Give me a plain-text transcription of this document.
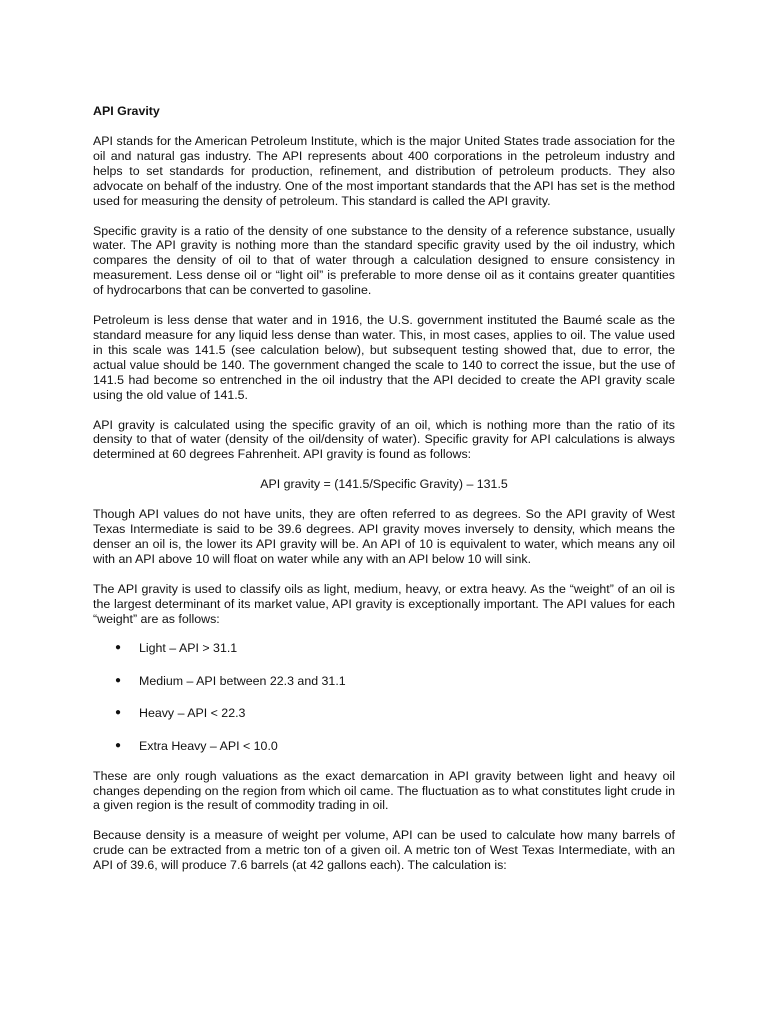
API Gravity

API stands for the American Petroleum Institute, which is the major United States trade association for the oil and natural gas industry. The API represents about 400 corporations in the petroleum industry and helps to set standards for production, refinement, and distribution of petroleum products. They also advocate on behalf of the industry. One of the most important standards that the API has set is the method used for measuring the density of petroleum. This standard is called the API gravity.

Specific gravity is a ratio of the density of one substance to the density of a reference substance, usually water. The API gravity is nothing more than the standard specific gravity used by the oil industry, which compares the density of oil to that of water through a calculation designed to ensure consistency in measurement. Less dense oil or “light oil” is preferable to more dense oil as it contains greater quantities of hydrocarbons that can be converted to gasoline.

Petroleum is less dense that water and in 1916, the U.S. government instituted the Baumé scale as the standard measure for any liquid less dense than water. This, in most cases, applies to oil. The value used in this scale was 141.5 (see calculation below), but subsequent testing showed that, due to error, the actual value should be 140. The government changed the scale to 140 to correct the issue, but the use of 141.5 had become so entrenched in the oil industry that the API decided to create the API gravity scale using the old value of 141.5.

API gravity is calculated using the specific gravity of an oil, which is nothing more than the ratio of its density to that of water (density of the oil/density of water). Specific gravity for API calculations is always determined at 60 degrees Fahrenheit. API gravity is found as follows:

API gravity = (141.5/Specific Gravity) – 131.5

Though API values do not have units, they are often referred to as degrees. So the API gravity of West Texas Intermediate is said to be 39.6 degrees. API gravity moves inversely to density, which means the denser an oil is, the lower its API gravity will be. An API of 10 is equivalent to water, which means any oil with an API above 10 will float on water while any with an API below 10 will sink.

The API gravity is used to classify oils as light, medium, heavy, or extra heavy. As the “weight” of an oil is the largest determinant of its market value, API gravity is exceptionally important. The API values for each “weight” are as follows:

● Light – API > 31.1
● Medium – API between 22.3 and 31.1
● Heavy – API < 22.3
● Extra Heavy – API < 10.0

These are only rough valuations as the exact demarcation in API gravity between light and heavy oil changes depending on the region from which oil came. The fluctuation as to what constitutes light crude in a given region is the result of commodity trading in oil.

Because density is a measure of weight per volume, API can be used to calculate how many barrels of crude can be extracted from a metric ton of a given oil. A metric ton of West Texas Intermediate, with an API of 39.6, will produce 7.6 barrels (at 42 gallons each). The calculation is:
